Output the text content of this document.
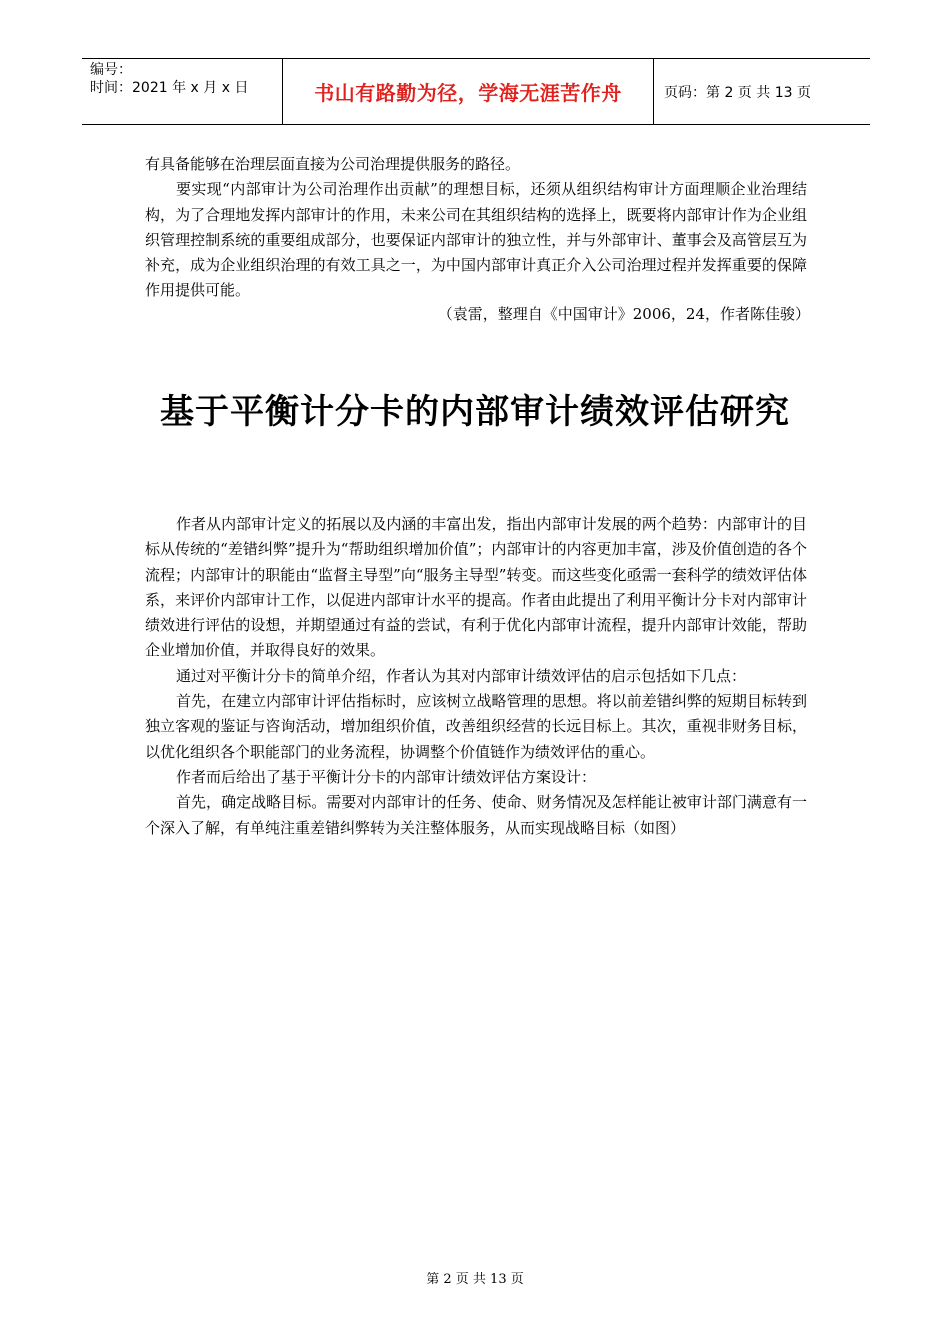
编号：
时间：2021 年 x 月 x 日	书山有路勤为径，学海无涯苦作舟	页码：第 2 页 共 13 页

有具备能够在治理层面直接为公司治理提供服务的路径。

要实现“内部审计为公司治理作出贡献”的理想目标，还须从组织结构审计方面理顺企业治理结构，为了合理地发挥内部审计的作用，未来公司在其组织结构的选择上，既要将内部审计作为企业组织管理控制系统的重要组成部分，也要保证内部审计的独立性，并与外部审计、董事会及高管层互为补充，成为企业组织治理的有效工具之一，为中国内部审计真正介入公司治理过程并发挥重要的保障作用提供可能。

（袁雷，整理自《中国审计》2006，24，作者陈佳骏）
基于平衡计分卡的内部审计绩效评估研究

作者从内部审计定义的拓展以及内涵的丰富出发，指出内部审计发展的两个趋势：内部审计的目标从传统的“差错纠弊”提升为“帮助组织增加价值”；内部审计的内容更加丰富，涉及价值创造的各个流程；内部审计的职能由“监督主导型”向“服务主导型”转变。而这些变化亟需一套科学的绩效评估体系，来评价内部审计工作，以促进内部审计水平的提高。作者由此提出了利用平衡计分卡对内部审计绩效进行评估的设想，并期望通过有益的尝试，有利于优化内部审计流程，提升内部审计效能，帮助企业增加价值，并取得良好的效果。

通过对平衡计分卡的简单介绍，作者认为其对内部审计绩效评估的启示包括如下几点：

首先，在建立内部审计评估指标时，应该树立战略管理的思想。将以前差错纠弊的短期目标转到独立客观的鉴证与咨询活动，增加组织价值，改善组织经营的长远目标上。其次，重视非财务目标，以优化组织各个职能部门的业务流程，协调整个价值链作为绩效评估的重心。

作者而后给出了基于平衡计分卡的内部审计绩效评估方案设计：

首先，确定战略目标。需要对内部审计的任务、使命、财务情况及怎样能让被审计部门满意有一个深入了解，有单纯注重差错纠弊转为关注整体服务，从而实现战略目标（如图）

第 2 页 共 13 页
